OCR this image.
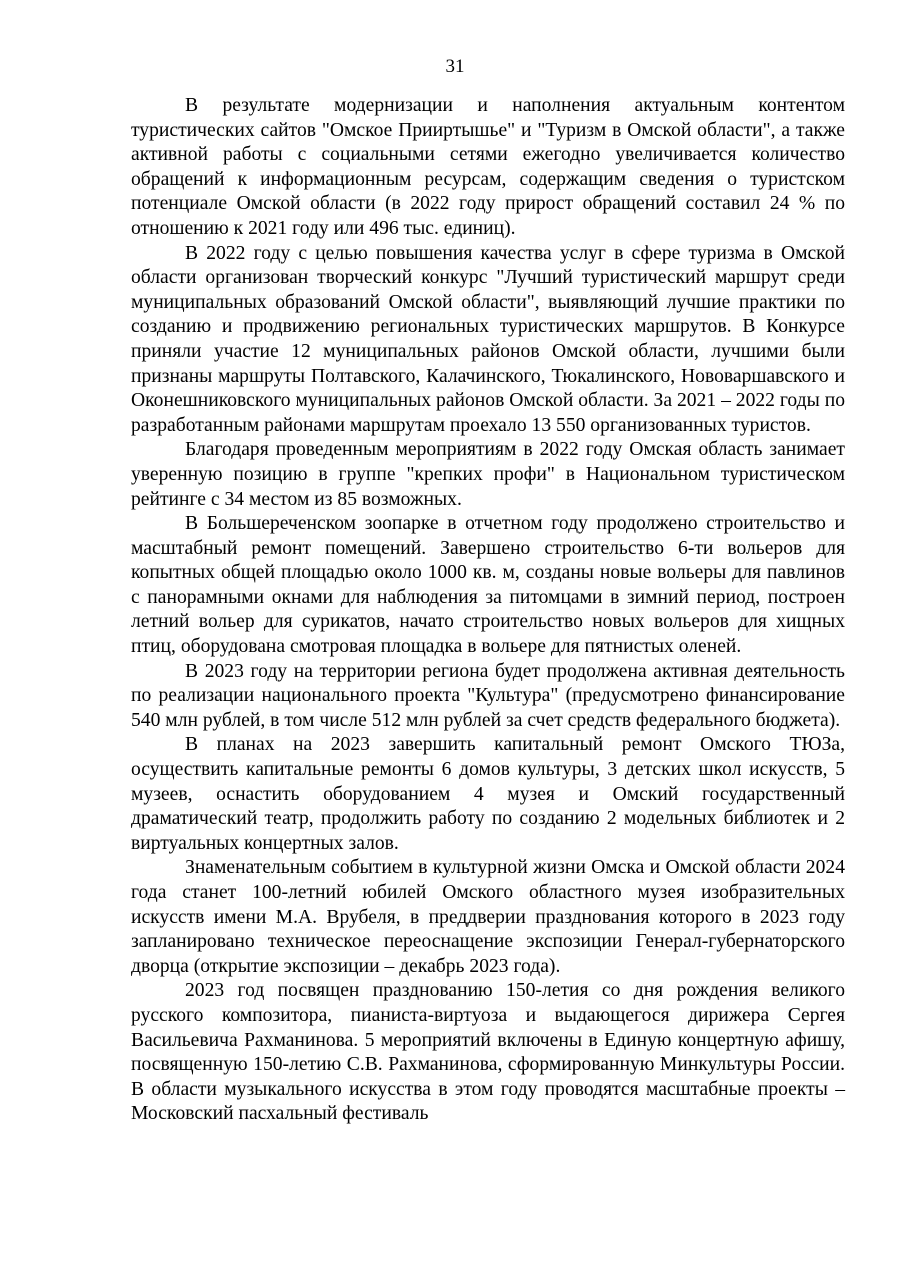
31

В результате модернизации и наполнения актуальным контентом туристических сайтов "Омское Прииртышье" и "Туризм в Омской области", а также активной работы с социальными сетями ежегодно увеличивается количество обращений к информационным ресурсам, содержащим сведения о туристском потенциале Омской области (в 2022 году прирост обращений составил 24 % по отношению к 2021 году или 496 тыс. единиц).

В 2022 году с целью повышения качества услуг в сфере туризма в Омской области организован творческий конкурс "Лучший туристический маршрут среди муниципальных образований Омской области", выявляющий лучшие практики по созданию и продвижению региональных туристических маршрутов. В Конкурсе приняли участие 12 муниципальных районов Омской области, лучшими были признаны маршруты Полтавского, Калачинского, Тюкалинского, Нововаршавского и Оконешниковского муниципальных районов Омской области. За 2021 – 2022 годы по разработанным районами маршрутам проехало 13 550 организованных туристов.

Благодаря проведенным мероприятиям в 2022 году Омская область занимает уверенную позицию в группе "крепких профи" в Национальном туристическом рейтинге с 34 местом из 85 возможных.

В Большереченском зоопарке в отчетном году продолжено строительство и масштабный ремонт помещений. Завершено строительство 6-ти вольеров для копытных общей площадью около 1000 кв. м, созданы новые вольеры для павлинов с панорамными окнами для наблюдения за питомцами в зимний период, построен летний вольер для сурикатов, начато строительство новых вольеров для хищных птиц, оборудована смотровая площадка в вольере для пятнистых оленей.

В 2023 году на территории региона будет продолжена активная деятельность по реализации национального проекта "Культура" (предусмотрено финансирование 540 млн рублей, в том числе 512 млн рублей за счет средств федерального бюджета).

В планах на 2023 завершить капитальный ремонт Омского ТЮЗа, осуществить капитальные ремонты 6 домов культуры, 3 детских школ искусств, 5 музеев, оснастить оборудованием 4 музея и Омский государственный драматический театр, продолжить работу по созданию 2 модельных библиотек и 2 виртуальных концертных залов.

Знаменательным событием в культурной жизни Омска и Омской области 2024 года станет 100-летний юбилей Омского областного музея изобразительных искусств имени М.А. Врубеля, в преддверии празднования которого в 2023 году запланировано техническое переоснащение экспозиции Генерал-губернаторского дворца (открытие экспозиции – декабрь 2023 года).

2023 год посвящен празднованию 150-летия со дня рождения великого русского композитора, пианиста-виртуоза и выдающегося дирижера Сергея Васильевича Рахманинова. 5 мероприятий включены в Единую концертную афишу, посвященную 150-летию С.В. Рахманинова, сформированную Минкультуры России. В области музыкального искусства в этом году проводятся масштабные проекты – Московский пасхальный фестиваль
